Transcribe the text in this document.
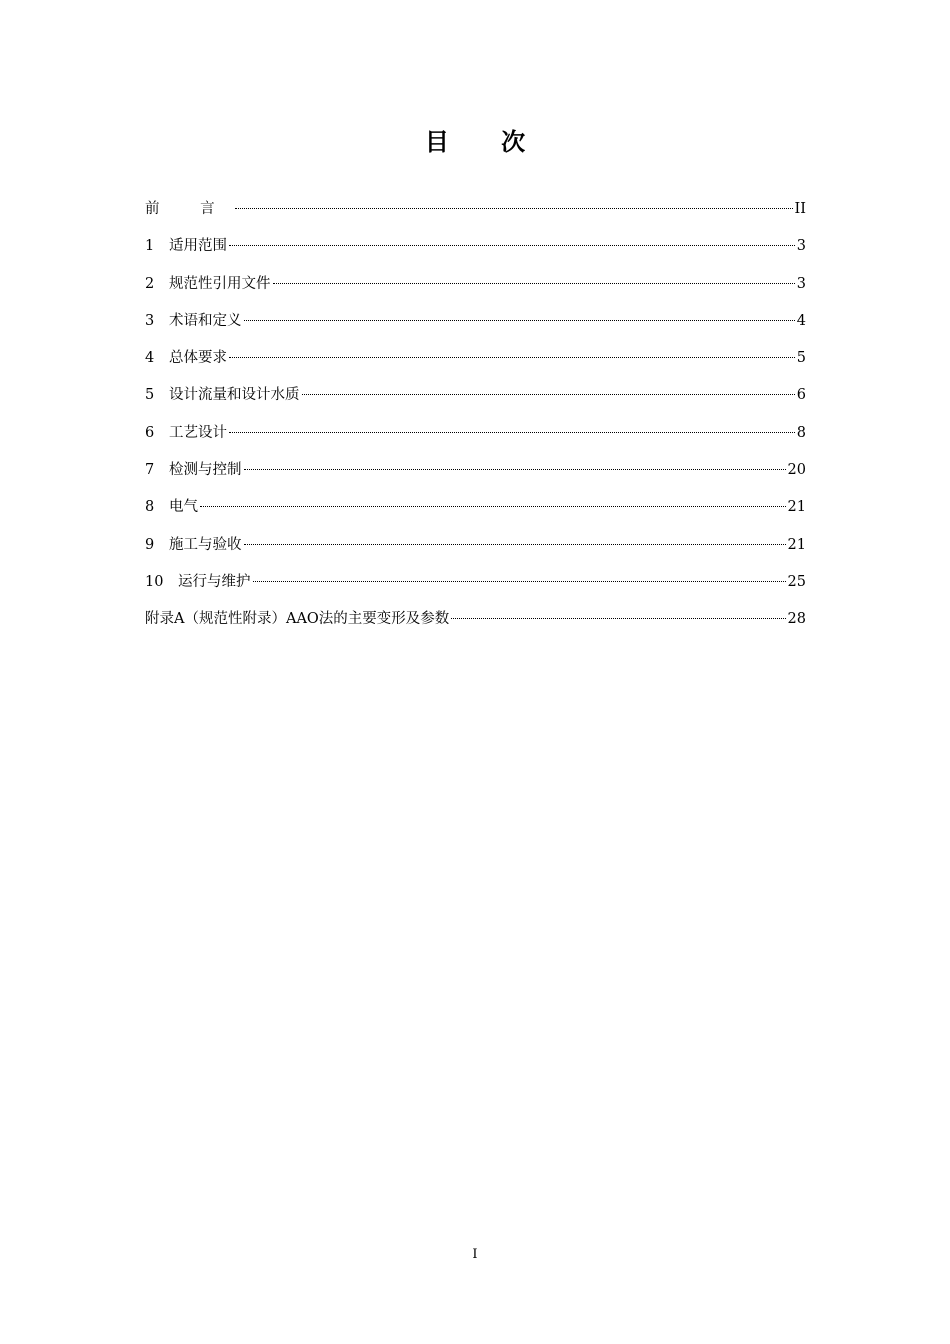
目 次
前 言	II
1	适用范围	3
2	规范性引用文件	3
3	术语和定义	4
4	总体要求	5
5	设计流量和设计水质	6
6	工艺设计	8
7	检测与控制	20
8	电气	21
9	施工与验收	21
10	运行与维护	25
附录A（规范性附录）AAO法的主要变形及参数	28
I
